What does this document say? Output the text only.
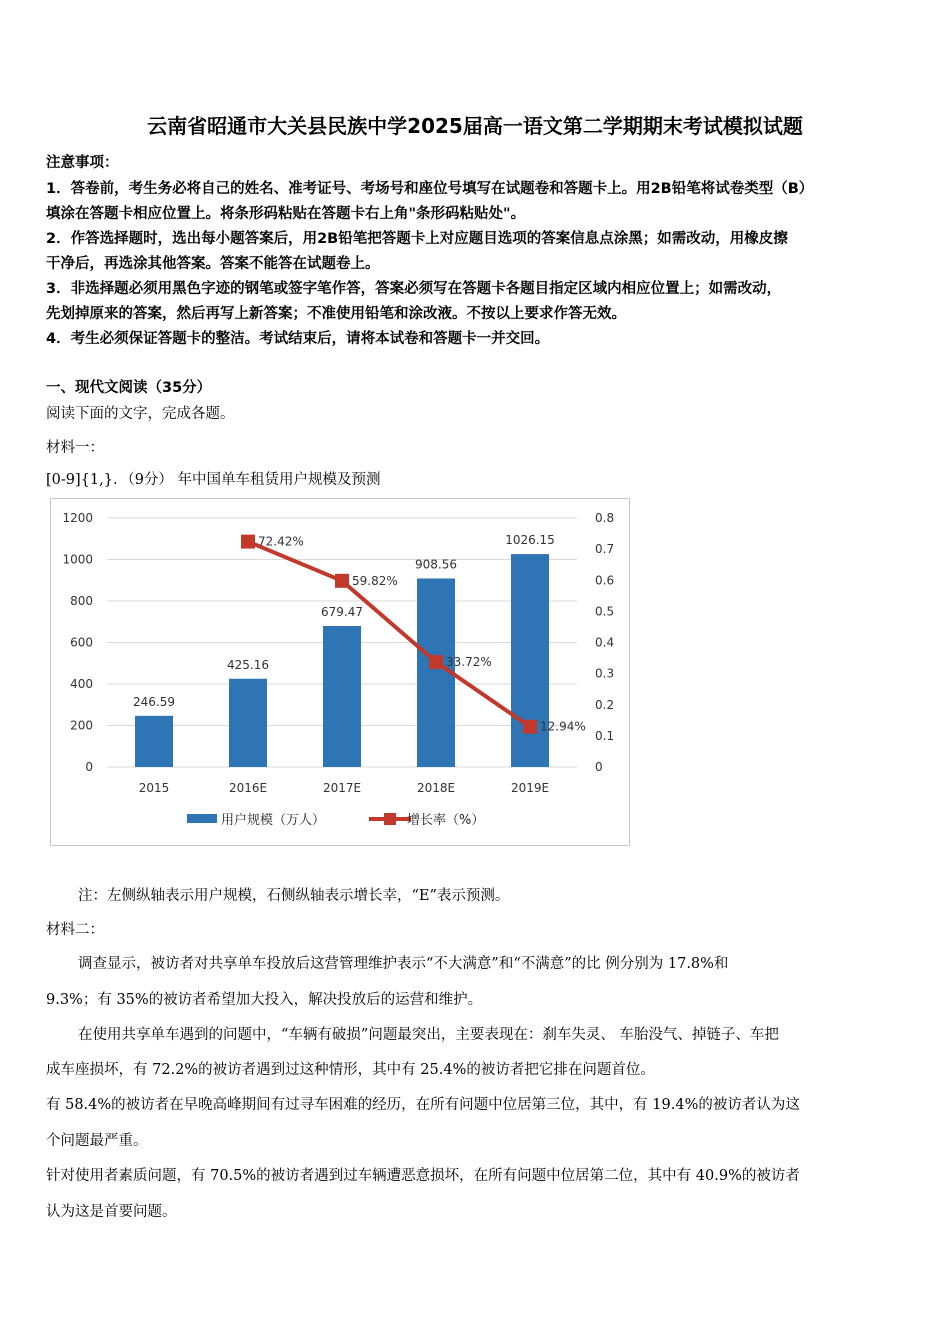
云南省昭通市大关县民族中学2025届高一语文第二学期期末考试模拟试题
注意事项：
1．答卷前，考生务必将自己的姓名、准考证号、考场号和座位号填写在试题卷和答题卡上。用2B铅笔将试卷类型（B）
填涂在答题卡相应位置上。将条形码粘贴在答题卡右上角"条形码粘贴处"。
2．作答选择题时，选出每小题答案后，用2B铅笔把答题卡上对应题目选项的答案信息点涂黑；如需改动，用橡皮擦
干净后，再选涂其他答案。答案不能答在试题卷上。
3．非选择题必须用黑色字迹的钢笔或签字笔作答，答案必须写在答题卡各题目指定区域内相应位置上；如需改动，
先划掉原来的答案，然后再写上新答案；不准使用铅笔和涂改液。不按以上要求作答无效。
4．考生必须保证答题卡的整洁。考试结束后，请将本试卷和答题卡一并交回。
一、现代文阅读（35分）
阅读下面的文字，完成各题。
材料一：
[0-9]{1,}．（9分） 年中国单车租赁用户规模及预测
0
200
400
600
800
1000
1200
0
0.1
0.2
0.3
0.4
0.5
0.6
0.7
0.8
246.59
2015
425.16
2016E
679.47
2017E
908.56
2018E
1026.15
2019E
72.42%
59.82%
33.72%
12.94%
用户规模（万人）	增长率（%）
注：左侧纵轴表示用户规模，石侧纵轴表示增长幸，“E”表示预测。
材料二：
调查显示，被访者对共享单车投放后这营管理维护表示“不大满意”和“不满意”的比 例分别为 17.8%和
9.3%；有 35%的被访者希望加大投入，解决投放后的运营和维护。
在使用共享单车遇到的问题中，“车辆有破损”问题最突出，主要表现在：刹车失灵、 车胎没气、掉链子、车把
成车座损坏，有 72.2%的被访者遇到过这种情形，其中有 25.4%的被访者把它排在问题首位。
有 58.4%的被访者在早晚高峰期间有过寻车困难的经历，在所有问题中位居第三位，其中，有 19.4%的被访者认为这
个问题最严重。
针对使用者素质问题，有 70.5%的被访者遇到过车辆遭恶意损坏，在所有问题中位居第二位，其中有 40.9%的被访者
认为这是首要问题。
